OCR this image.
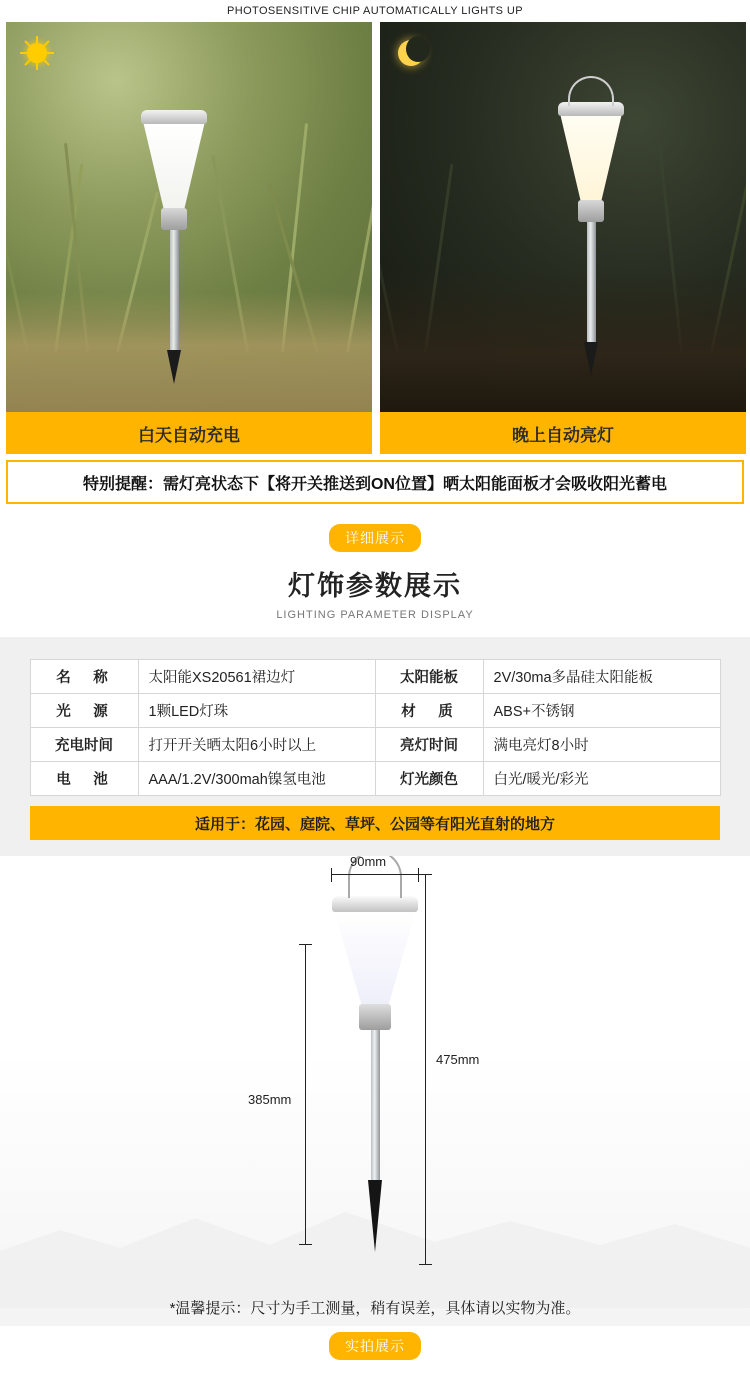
PHOTOSENSITIVE CHIP AUTOMATICALLY LIGHTS UP
白天自动充电	晚上自动亮灯
特别提醒：需灯亮状态下【将开关推送到ON位置】晒太阳能面板才会吸收阳光蓄电
详细展示
灯饰参数展示
LIGHTING PARAMETER DISPLAY
名　称	太阳能XS20561裙边灯	太阳能板	2V/30ma多晶硅太阳能板
光　源	1颗LED灯珠	材　质	ABS+不锈钢
充电时间	打开开关晒太阳6小时以上	亮灯时间	满电亮灯8小时
电　池	AAA/1.2V/300mah镍氢电池	灯光颜色	白光/暖光/彩光
适用于：花园、庭院、草坪、公园等有阳光直射的地方
90mm
385mm
475mm
*温馨提示：尺寸为手工测量，稍有误差，具体请以实物为准。
实拍展示
